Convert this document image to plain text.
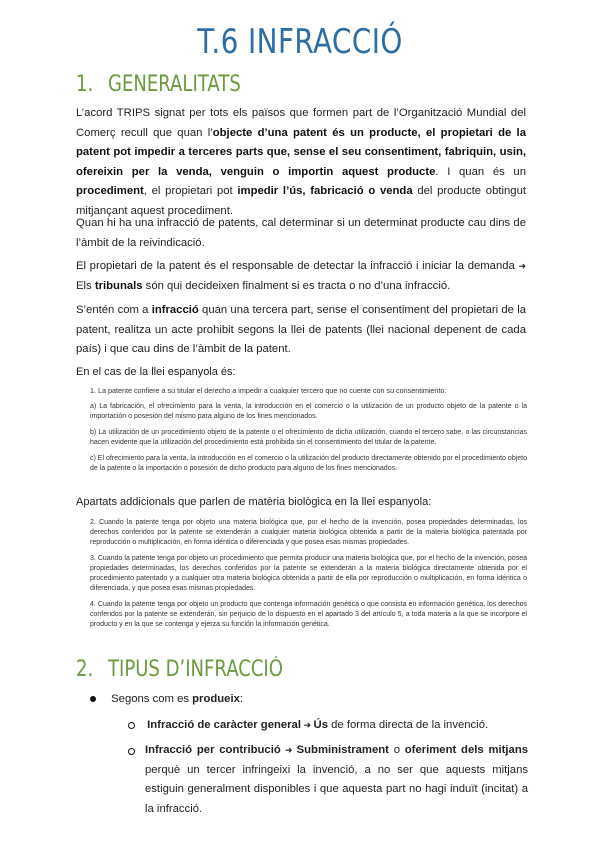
T.6 INFRACCIÓ
1. GENERALITATS
L’acord TRIPS signat per tots els països que formen part de l’Organització Mundial del Comerç recull que quan l’objecte d’una patent és un producte, el propietari de la patent pot impedir a terceres parts que, sense el seu consentiment, fabriquin, usin, ofereixin per la venda, venguin o importin aquest producte. I quan és un procediment, el propietari pot impedir l’ús, fabricació o venda del producte obtingut mitjançant aquest procediment.
Quan hi ha una infracció de patents, cal determinar si un determinat producte cau dins de l’àmbit de la reivindicació.
El propietari de la patent és el responsable de detectar la infracció i iniciar la demanda ➜ Els tribunals són qui decideixen finalment si es tracta o no d’una infracció.
S’entén com a infracció quan una tercera part, sense el consentiment del propietari de la patent, realitza un acte prohibit segons la llei de patents (llei nacional depenent de cada país) i que cau dins de l’àmbit de la patent.
En el cas de la llei espanyola és:

1. La patente confiere a su titular el derecho a impedir a cualquier tercero que no cuente con su consentimiento:

a) La fabricación, el ofrecimiento para la venta, la introducción en el comercio o la utilización de un producto objeto de la patente o la importación o posesión del mismo para alguno de los fines mencionados.

b) La utilización de un procedimiento objeto de la patente o el ofrecimiento de dicha utilización, cuando el tercero sabe, o las circunstancias hacen evidente que la utilización del procedimiento está prohibida sin el consentimiento del titular de la patente.

c) El ofrecimiento para la venta, la introducción en el comercio o la utilización del producto directamente obtenido por el procedimiento objeto de la patente o la importación o posesión de dicho producto para alguno de los fines mencionados.

Apartats addicionals que parlen de matèria biològica en la llei espanyola:

2. Cuando la patente tenga por objeto una materia biológica que, por el hecho de la invención, posea propiedades determinadas, los derechos conferidos por la patente se extenderán a cualquier materia biológica obtenida a partir de la materia biológica patentada por reproducción o multiplicación, en forma idéntica o diferenciada y que posea esas mismas propiedades.

3. Cuando la patente tenga por objeto un procedimiento que permita producir una materia biológica que, por el hecho de la invención, posea propiedades determinadas, los derechos conferidos por la patente se extenderán a la materia biológica directamente obtenida por el procedimiento patentado y a cualquier otra materia biológica obtenida a partir de ella por reproducción o multiplicación, en forma idéntica o diferenciada, y que posea esas mismas propiedades.

4. Cuando la patente tenga por objeto un producto que contenga información genética o que consista en información genética, los derechos conferidos por la patente se extenderán, sin perjuicio de lo dispuesto en el apartado 3 del artículo 5, a toda materia a la que se incorpore el producto y en la que se contenga y ejerza su función la información genética.

2. TIPUS D’INFRACCIÓ
Segons com es produeix:
Infracció de caràcter general ➜ Ús de forma directa de la invenció.
Infracció per contribució ➜ Subministrament o oferiment dels mitjans perquè un tercer infringeixi la invenció, a no ser que aquests mitjans estiguin generalment disponibles i que aquesta part no hagi induït (incitat) a la infracció.
